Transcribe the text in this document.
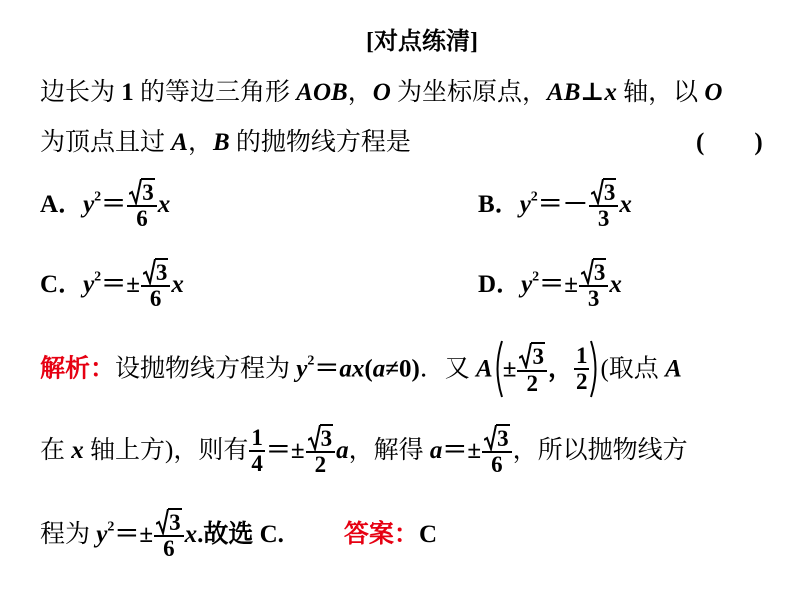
[对点练清]
边长为 1 的等边三角形 AOB，O 为坐标原点，AB⊥x 轴，以 O
为顶点且过 A，B 的抛物线方程是	(　　)
A．$y^2= \frac{3}{6}$ x	B．$y^2=- \frac{3}{3}$ x
C．$y^2=\pm \frac{3}{6}$ x	D．$y^2=\pm \frac{3}{3}$ x
解析：设抛物线方程为 $y^2=ax(a\ne 0)$．又 $A \pm \frac{3}{2}$ ， $\frac{1}{2}$ (取点 A
在 x 轴上方)，则有 $\frac{1}{4} =\pm \frac{3}{2}$ a，解得 $a=\pm \frac{3}{6}$ ，所以抛物线方
程为 $y^2=\pm \frac{3}{6} x$.故选 C. 答案：C
